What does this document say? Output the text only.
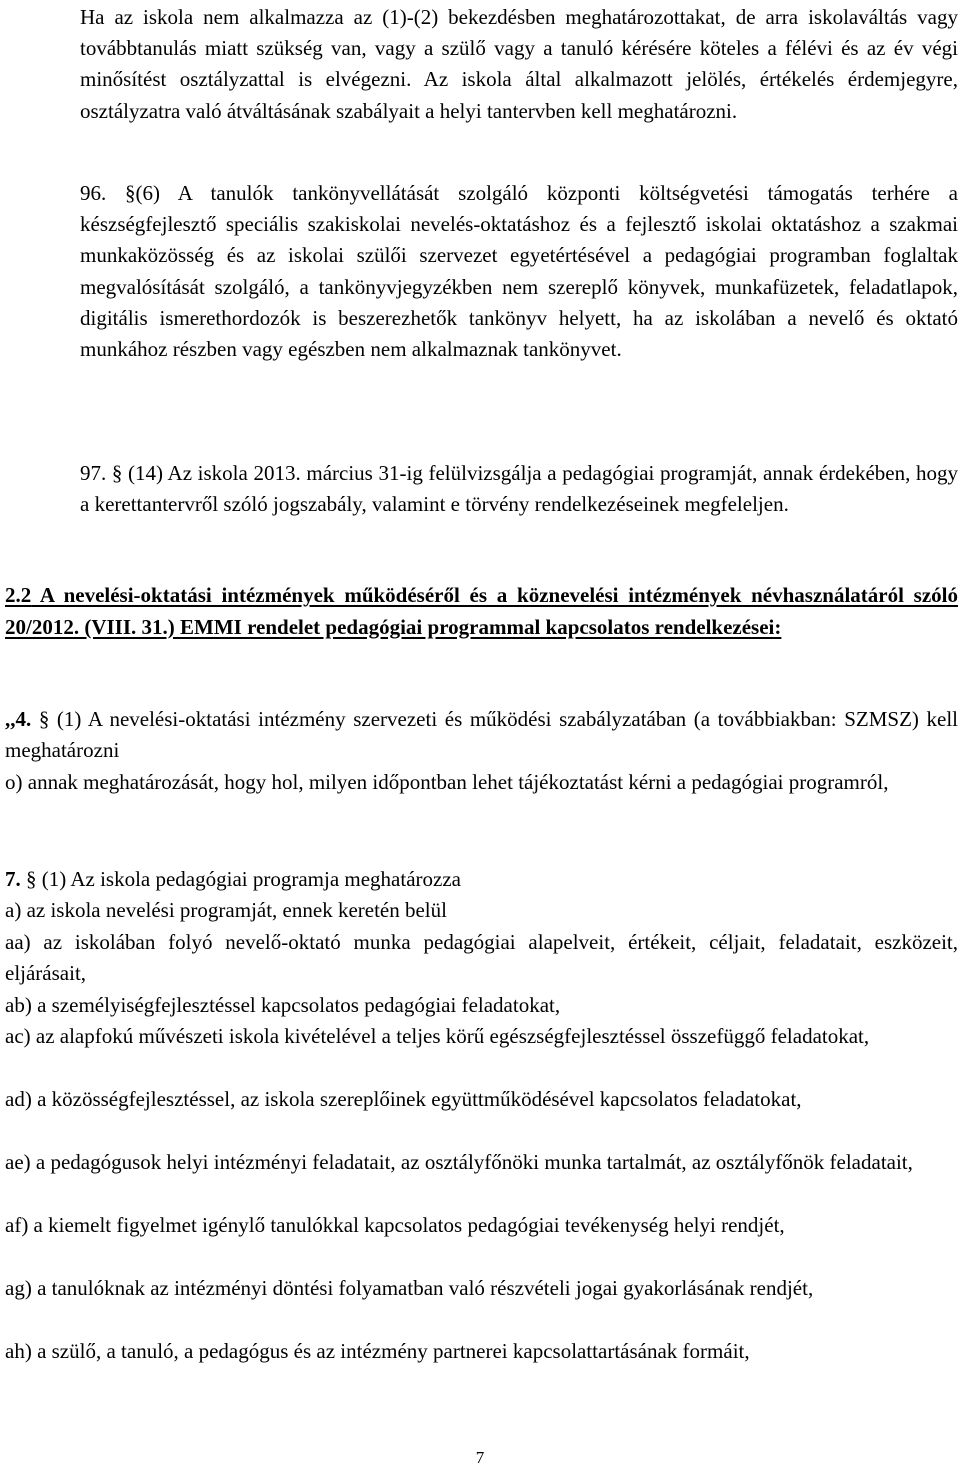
Ha az iskola nem alkalmazza az (1)-(2) bekezdésben meghatározottakat, de arra iskolaváltás vagy továbbtanulás miatt szükség van, vagy a szülő vagy a tanuló kérésére köteles a félévi és az év végi minősítést osztályzattal is elvégezni. Az iskola által alkalmazott jelölés, értékelés érdemjegyre, osztályzatra való átváltásának szabályait a helyi tantervben kell meghatározni.

96. §(6) A tanulók tankönyvellátását szolgáló központi költségvetési támogatás terhére a készségfejlesztő speciális szakiskolai nevelés-oktatáshoz és a fejlesztő iskolai oktatáshoz a szakmai munkaközösség és az iskolai szülői szervezet egyetértésével a pedagógiai programban foglaltak megvalósítását szolgáló, a tankönyvjegyzékben nem szereplő könyvek, munkafüzetek, feladatlapok, digitális ismerethordozók is beszerezhetők tankönyv helyett, ha az iskolában a nevelő és oktató munkához részben vagy egészben nem alkalmaznak tankönyvet.

97. § (14) Az iskola 2013. március 31-ig felülvizsgálja a pedagógiai programját, annak érdekében, hogy a kerettantervről szóló jogszabály, valamint e törvény rendelkezéseinek megfeleljen.

2.2 A nevelési-oktatási intézmények működéséről és a köznevelési intézmények névhasználatáról szóló 20/2012. (VIII. 31.) EMMI rendelet pedagógiai programmal kapcsolatos rendelkezései:

,,4. § (1) A nevelési-oktatási intézmény szervezeti és működési szabályzatában (a továbbiakban: SZMSZ) kell meghatározni

o) annak meghatározását, hogy hol, milyen időpontban lehet tájékoztatást kérni a pedagógiai programról,

7. § (1) Az iskola pedagógiai programja meghatározza

a) az iskola nevelési programját, ennek keretén belül

aa) az iskolában folyó nevelő-oktató munka pedagógiai alapelveit, értékeit, céljait, feladatait, eszközeit, eljárásait,

ab) a személyiségfejlesztéssel kapcsolatos pedagógiai feladatokat,

ac) az alapfokú művészeti iskola kivételével a teljes körű egészségfejlesztéssel összefüggő feladatokat,

ad) a közösségfejlesztéssel, az iskola szereplőinek együttműködésével kapcsolatos feladatokat,

ae) a pedagógusok helyi intézményi feladatait, az osztályfőnöki munka tartalmát, az osztályfőnök feladatait,

af) a kiemelt figyelmet igénylő tanulókkal kapcsolatos pedagógiai tevékenység helyi rendjét,

ag) a tanulóknak az intézményi döntési folyamatban való részvételi jogai gyakorlásának rendjét,

ah) a szülő, a tanuló, a pedagógus és az intézmény partnerei kapcsolattartásának formáit,

7
